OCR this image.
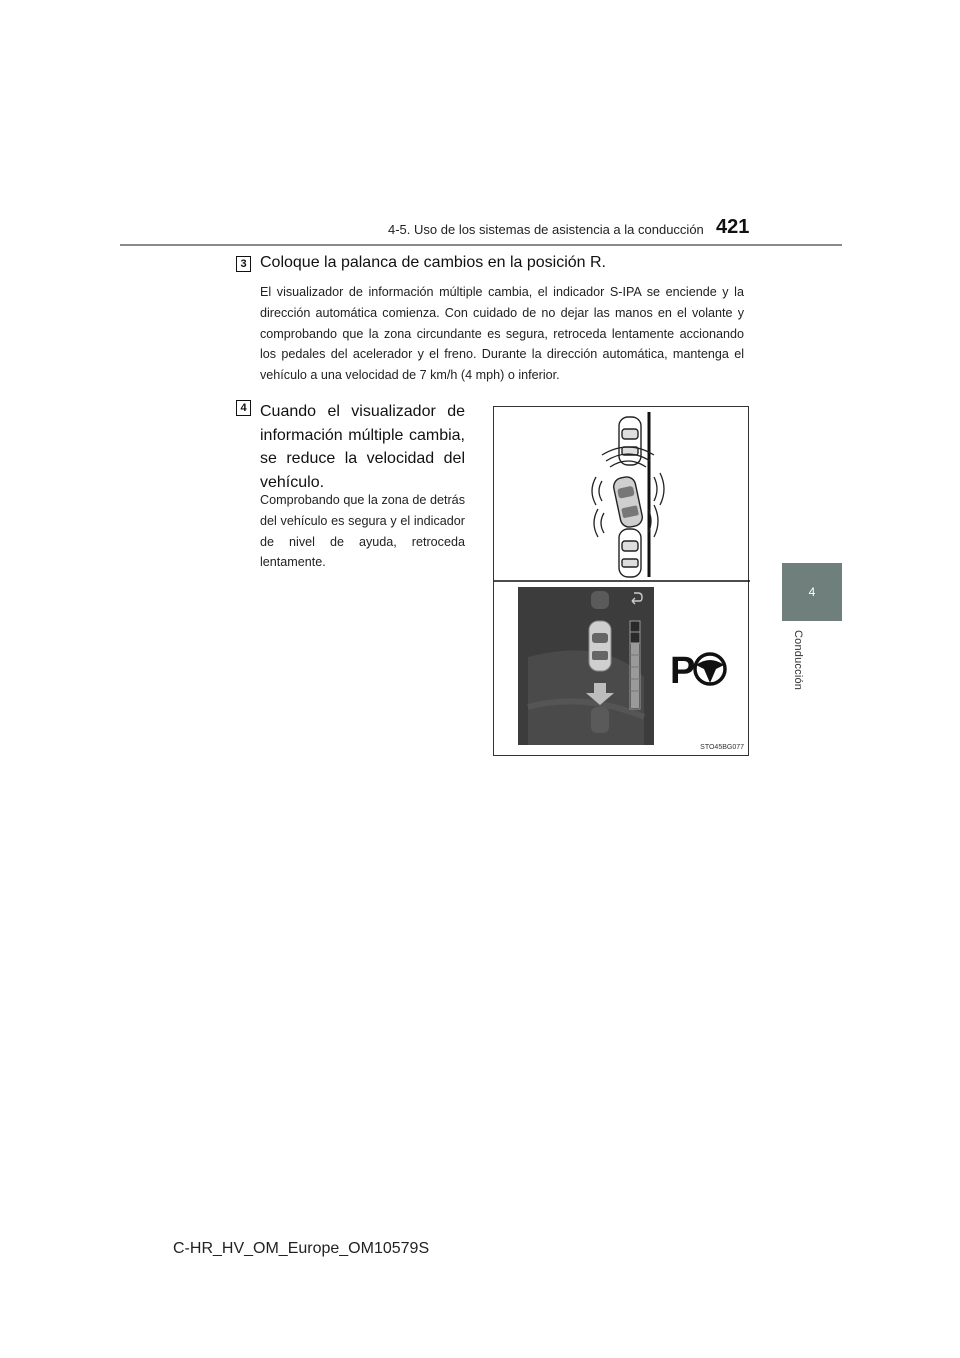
4-5. Uso de los sistemas de asistencia a la conducción 421
4
Conducción
3 Coloque la palanca de cambios en la posición R.
El visualizador de información múltiple cambia, el indicador S-IPA se enciende y la dirección automática comienza. Con cuidado de no dejar las manos en el volante y comprobando que la zona circundante es segura, retroceda lentamente accionando los pedales del acelerador y el freno. Durante la dirección automática, mantenga el vehículo a una velocidad de 7 km/h (4 mph) o inferior.
4 Cuando el visualizador de información múltiple cambia, se reduce la velocidad del vehículo.
Comprobando que la zona de detrás del vehículo es segura y el indicador de nivel de ayuda, retroceda lentamente.
P
STO45BG077
C-HR_HV_OM_Europe_OM10579S
